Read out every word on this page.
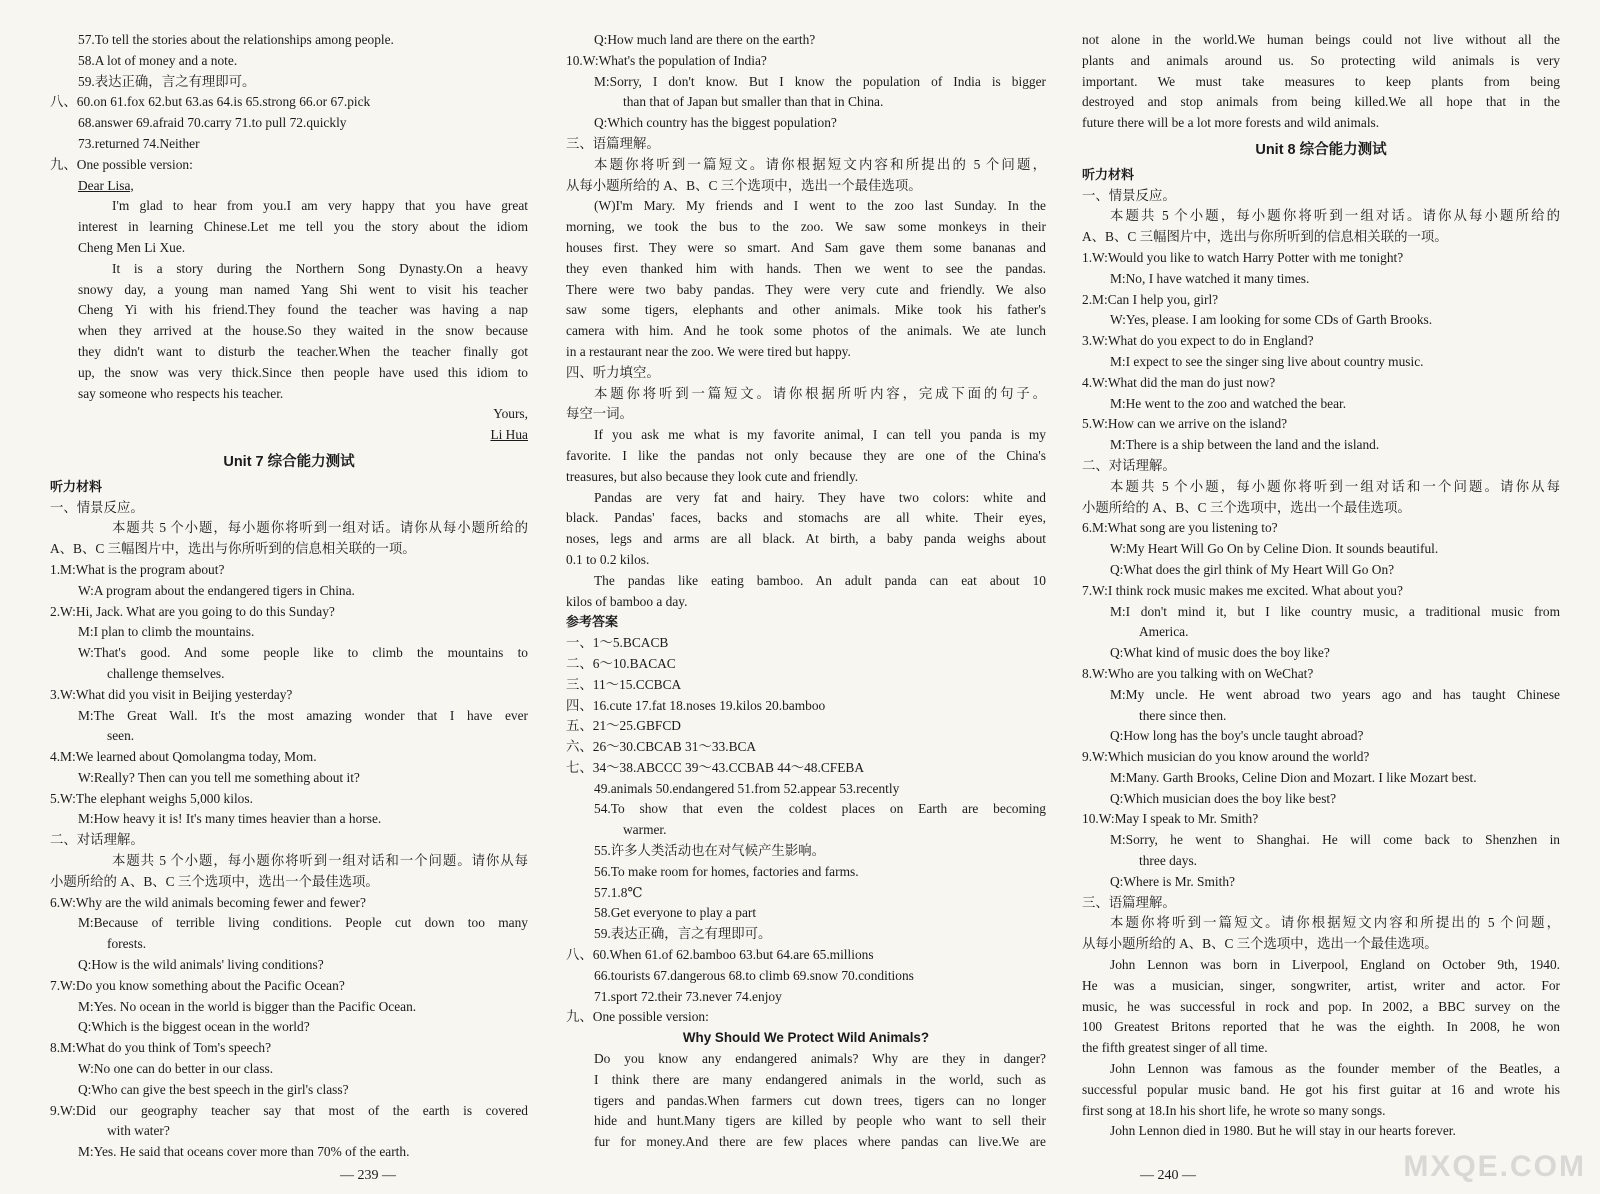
57.To tell the stories about the relationships among people.
58.A lot of money and a note.
59.表达正确，言之有理即可。
八、60.on 61.fox 62.but 63.as 64.is 65.strong 66.or 67.pick
68.answer 69.afraid 70.carry 71.to pull 72.quickly
73.returned 74.Neither
九、One possible version:
Dear Lisa,
I'm glad to hear from you.I am very happy that you have great
interest in learning Chinese.Let me tell you the story about the idiom
Cheng Men Li Xue.
It is a story during the Northern Song Dynasty.On a heavy
snowy day, a young man named Yang Shi went to visit his teacher
Cheng Yi with his friend.They found the teacher was having a nap
when they arrived at the house.So they waited in the snow because
they didn't want to disturb the teacher.When the teacher finally got
up, the snow was very thick.Since then people have used this idiom to
say someone who respects his teacher.
Yours,
Li Hua
Unit 7 综合能力测试
听力材料
一、情景反应。
本题共 5 个小题，每小题你将听到一组对话。请你从每小题所给的
A、B、C 三幅图片中，选出与你所听到的信息相关联的一项。
1.M:What is the program about?
W:A program about the endangered tigers in China.
2.W:Hi, Jack. What are you going to do this Sunday?
M:I plan to climb the mountains.
W:That's good. And some people like to climb the mountains to
challenge themselves.
3.W:What did you visit in Beijing yesterday?
M:The Great Wall. It's the most amazing wonder that I have ever
seen.
4.M:We learned about Qomolangma today, Mom.
W:Really? Then can you tell me something about it?
5.W:The elephant weighs 5,000 kilos.
M:How heavy it is! It's many times heavier than a horse.
二、对话理解。
本题共 5 个小题，每小题你将听到一组对话和一个问题。请你从每
小题所给的 A、B、C 三个选项中，选出一个最佳选项。
6.W:Why are the wild animals becoming fewer and fewer?
M:Because of terrible living conditions. People cut down too many
forests.
Q:How is the wild animals' living conditions?
7.W:Do you know something about the Pacific Ocean?
M:Yes. No ocean in the world is bigger than the Pacific Ocean.
Q:Which is the biggest ocean in the world?
8.M:What do you think of Tom's speech?
W:No one can do better in our class.
Q:Who can give the best speech in the girl's class?
9.W:Did our geography teacher say that most of the earth is covered
with water?
M:Yes. He said that oceans cover more than 70% of the earth.
Q:How much land are there on the earth?
10.W:What's the population of India?
M:Sorry, I don't know. But I know the population of India is bigger
than that of Japan but smaller than that in China.
Q:Which country has the biggest population?
三、语篇理解。
本题你将听到一篇短文。请你根据短文内容和所提出的 5 个问题，
从每小题所给的 A、B、C 三个选项中，选出一个最佳选项。
(W)I'm Mary. My friends and I went to the zoo last Sunday. In the
morning, we took the bus to the zoo. We saw some monkeys in their
houses first. They were so smart. And Sam gave them some bananas and
they even thanked him with hands. Then we went to see the pandas.
There were two baby pandas. They were very cute and friendly. We also
saw some tigers, elephants and other animals. Mike took his father's
camera with him. And he took some photos of the animals. We ate lunch
in a restaurant near the zoo. We were tired but happy.
四、听力填空。
本题你将听到一篇短文。请你根据所听内容，完成下面的句子。
每空一词。
If you ask me what is my favorite animal, I can tell you panda is my
favorite. I like the pandas not only because they are one of the China's
treasures, but also because they look cute and friendly.
Pandas are very fat and hairy. They have two colors: white and
black. Pandas' faces, backs and stomachs are all white. Their eyes,
noses, legs and arms are all black. At birth, a baby panda weighs about
0.1 to 0.2 kilos.
The pandas like eating bamboo. An adult panda can eat about 10
kilos of bamboo a day.
参考答案
一、1～5.BCACB
二、6～10.BACAC
三、11～15.CCBCA
四、16.cute 17.fat 18.noses 19.kilos 20.bamboo
五、21～25.GBFCD
六、26～30.CBCAB 31～33.BCA
七、34～38.ABCCC 39～43.CCBAB 44～48.CFEBA
49.animals 50.endangered 51.from 52.appear 53.recently
54.To show that even the coldest places on Earth are becoming
warmer.
55.许多人类活动也在对气候产生影响。
56.To make room for homes, factories and farms.
57.1.8℃
58.Get everyone to play a part
59.表达正确，言之有理即可。
八、60.When 61.of 62.bamboo 63.but 64.are 65.millions
66.tourists 67.dangerous 68.to climb 69.snow 70.conditions
71.sport 72.their 73.never 74.enjoy
九、One possible version:
Why Should We Protect Wild Animals?
Do you know any endangered animals? Why are they in danger?
I think there are many endangered animals in the world, such as
tigers and pandas.When farmers cut down trees, tigers can no longer
hide and hunt.Many tigers are killed by people who want to sell their
fur for money.And there are few places where pandas can live.We are
not alone in the world.We human beings could not live without all the
plants and animals around us. So protecting wild animals is very
important. We must take measures to keep plants from being
destroyed and stop animals from being killed.We all hope that in the
future there will be a lot more forests and wild animals.
Unit 8 综合能力测试
听力材料
一、情景反应。
本题共 5 个小题，每小题你将听到一组对话。请你从每小题所给的
A、B、C 三幅图片中，选出与你所听到的信息相关联的一项。
1.W:Would you like to watch Harry Potter with me tonight?
M:No, I have watched it many times.
2.M:Can I help you, girl?
W:Yes, please. I am looking for some CDs of Garth Brooks.
3.W:What do you expect to do in England?
M:I expect to see the singer sing live about country music.
4.W:What did the man do just now?
M:He went to the zoo and watched the bear.
5.W:How can we arrive on the island?
M:There is a ship between the land and the island.
二、对话理解。
本题共 5 个小题，每小题你将听到一组对话和一个问题。请你从每
小题所给的 A、B、C 三个选项中，选出一个最佳选项。
6.M:What song are you listening to?
W:My Heart Will Go On by Celine Dion. It sounds beautiful.
Q:What does the girl think of My Heart Will Go On?
7.W:I think rock music makes me excited. What about you?
M:I don't mind it, but I like country music, a traditional music from
America.
Q:What kind of music does the boy like?
8.W:Who are you talking with on WeChat?
M:My uncle. He went abroad two years ago and has taught Chinese
there since then.
Q:How long has the boy's uncle taught abroad?
9.W:Which musician do you know around the world?
M:Many. Garth Brooks, Celine Dion and Mozart. I like Mozart best.
Q:Which musician does the boy like best?
10.W:May I speak to Mr. Smith?
M:Sorry, he went to Shanghai. He will come back to Shenzhen in
three days.
Q:Where is Mr. Smith?
三、语篇理解。
本题你将听到一篇短文。请你根据短文内容和所提出的 5 个问题，
从每小题所给的 A、B、C 三个选项中，选出一个最佳选项。
John Lennon was born in Liverpool, England on October 9th, 1940.
He was a musician, singer, songwriter, artist, writer and actor. For
music, he was successful in rock and pop. In 2002, a BBC survey on the
100 Greatest Britons reported that he was the eighth. In 2008, he won
the fifth greatest singer of all time.
John Lennon was famous as the founder member of the Beatles, a
successful popular music band. He got his first guitar at 16 and wrote his
first song at 18.In his short life, he wrote so many songs.
John Lennon died in 1980. But he will stay in our hearts forever.
— 239 —	— 240 —	MXQE.COM
